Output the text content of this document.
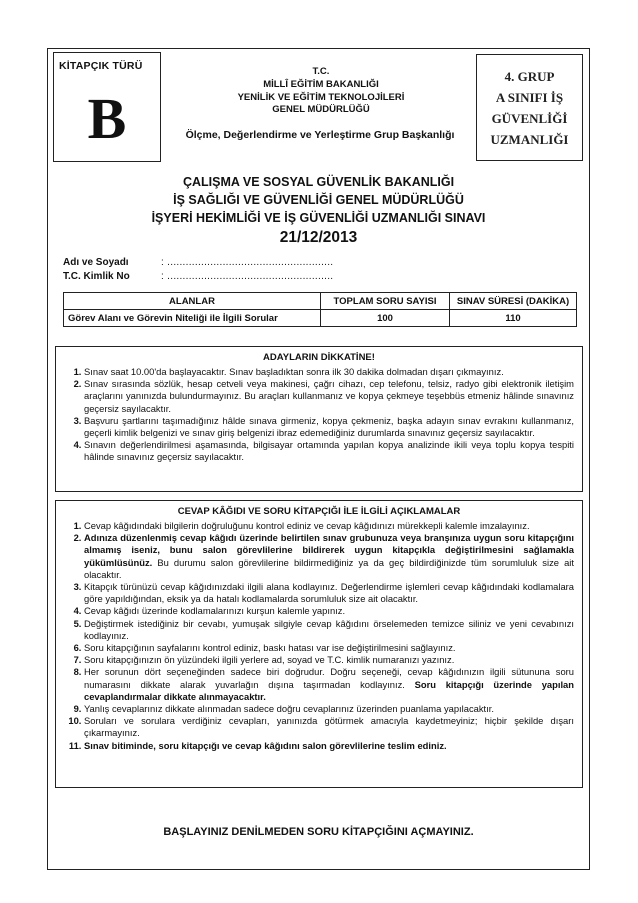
KİTAPÇIK TÜRÜ
B
T.C.
MİLLÎ EĞİTİM BAKANLIĞI
YENİLİK VE EĞİTİM TEKNOLOJİLERİ
GENEL MÜDÜRLÜĞÜ
Ölçme, Değerlendirme ve Yerleştirme Grup Başkanlığı
4. GRUP
A SINIFI İŞ
GÜVENLİĞİ
UZMANLIĞI
ÇALIŞMA VE SOSYAL GÜVENLİK BAKANLIĞI
İŞ SAĞLIĞI VE GÜVENLİĞİ GENEL MÜDÜRLÜĞÜ
İŞYERİ HEKİMLİĞİ VE İŞ GÜVENLİĞİ UZMANLIĞI SINAVI
21/12/2013
Adı ve Soyadı	: ......................................................
T.C. Kimlik No	: ......................................................
ALANLAR	TOPLAM SORU SAYISI	SINAV SÜRESİ (DAKİKA)
Görev Alanı ve Görevin Niteliği ile İlgili Sorular	100	110
ADAYLARIN DİKKATİNE!
1. Sınav saat 10.00'da başlayacaktır. Sınav başladıktan sonra ilk 30 dakika dolmadan dışarı çıkmayınız.
2. Sınav sırasında sözlük, hesap cetveli veya makinesi, çağrı cihazı, cep telefonu, telsiz, radyo gibi elektronik iletişim araçlarını yanınızda bulundurmayınız. Bu araçları kullanmanız ve kopya çekmeye teşebbüs etmeniz hâlinde sınavınız geçersiz sayılacaktır.
3. Başvuru şartlarını taşımadığınız hâlde sınava girmeniz, kopya çekmeniz, başka adayın sınav evrakını kullanmanız, geçerli kimlik belgenizi ve sınav giriş belgenizi ibraz edemediğiniz durumlarda sınavınız geçersiz sayılacaktır.
4. Sınavın değerlendirilmesi aşamasında, bilgisayar ortamında yapılan kopya analizinde ikili veya toplu kopya tespiti hâlinde sınavınız geçersiz sayılacaktır.
CEVAP KÂĞIDI VE SORU KİTAPÇIĞI İLE İLGİLİ AÇIKLAMALAR
1. Cevap kâğıdındaki bilgilerin doğruluğunu kontrol ediniz ve cevap kâğıdınızı mürekkepli kalemle imzalayınız.
2. Adınıza düzenlenmiş cevap kâğıdı üzerinde belirtilen sınav grubunuza veya branşınıza uygun soru kitapçığını almamış iseniz, bunu salon görevlilerine bildirerek uygun kitapçıkla değiştirilmesini sağlamakla yükümlüsünüz. Bu durumu salon görevlilerine bildirmediğiniz ya da geç bildirdiğinizde tüm sorumluluk size ait olacaktır.
3. Kitapçık türünüzü cevap kâğıdınızdaki ilgili alana kodlayınız. Değerlendirme işlemleri cevap kâğıdındaki kodlamalara göre yapıldığından, eksik ya da hatalı kodlamalarda sorumluluk size ait olacaktır.
4. Cevap kâğıdı üzerinde kodlamalarınızı kurşun kalemle yapınız.
5. Değiştirmek istediğiniz bir cevabı, yumuşak silgiyle cevap kâğıdını örselemeden temizce siliniz ve yeni cevabınızı kodlayınız.
6. Soru kitapçığının sayfalarını kontrol ediniz, baskı hatası var ise değiştirilmesini sağlayınız.
7. Soru kitapçığınızın ön yüzündeki ilgili yerlere ad, soyad ve T.C. kimlik numaranızı yazınız.
8. Her sorunun dört seçeneğinden sadece biri doğrudur. Doğru seçeneği, cevap kâğıdınızın ilgili sütununa soru numarasını dikkate alarak yuvarlağın dışına taşırmadan kodlayınız. Soru kitapçığı üzerinde yapılan cevaplandırmalar dikkate alınmayacaktır.
9. Yanlış cevaplarınız dikkate alınmadan sadece doğru cevaplarınız üzerinden puanlama yapılacaktır.
10. Soruları ve sorulara verdiğiniz cevapları, yanınızda götürmek amacıyla kaydetmeyiniz; hiçbir şekilde dışarı çıkarmayınız.
11. Sınav bitiminde, soru kitapçığı ve cevap kâğıdını salon görevlilerine teslim ediniz.
BAŞLAYINIZ DENİLMEDEN SORU KİTAPÇIĞINI AÇMAYINIZ.
